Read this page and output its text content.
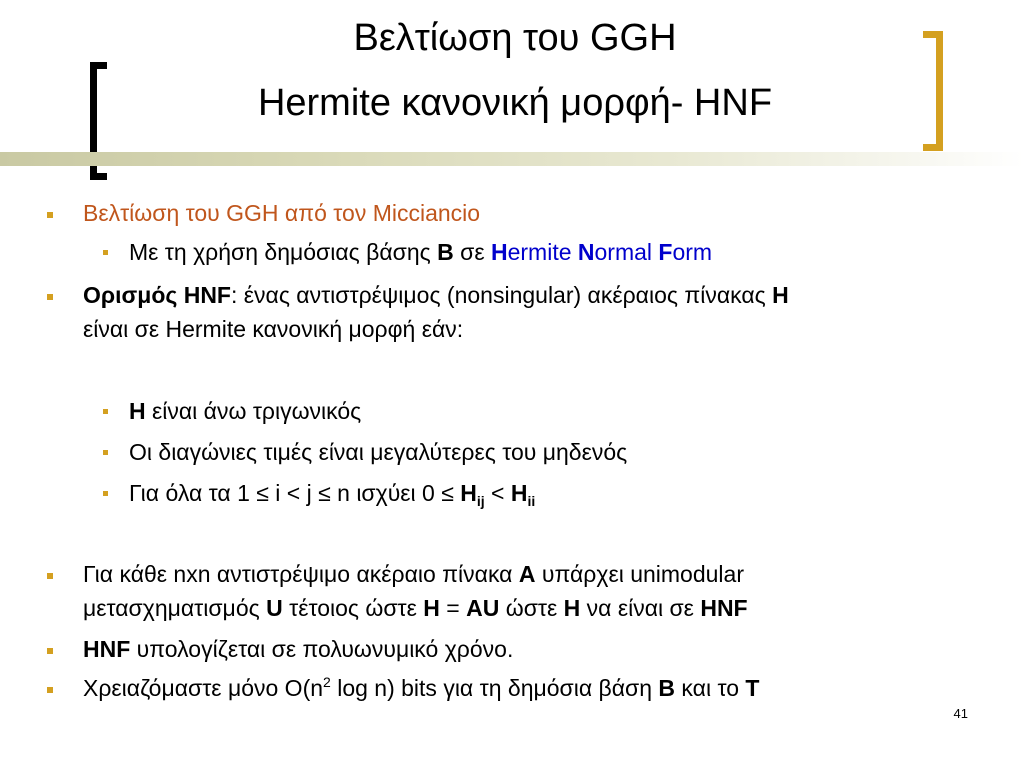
Βελτίωση του GGH
Hermite κανονική μορφή- HNF
Βελτίωση του GGH από τον Micciancio
Με τη χρήση δημόσιας βάσης B σε Hermite Normal Form
Ορισμός HNF: ένας αντιστρέψιμος (nonsingular) ακέραιος πίνακας H
είναι σε Hermite κανονική μορφή εάν:
H είναι άνω τριγωνικός
Οι διαγώνιες τιμές είναι μεγαλύτερες του μηδενός
Για όλα τα 1 ≤ i < j ≤ n ισχύει $0 \le H_{ij} < H_{ii}$
Για κάθε nxn αντιστρέψιμο ακέραιο πίνακα A υπάρχει unimodular
μετασχηματισμός U τέτοιος ώστε H = AU ώστε H να είναι σε HNF
HNF υπολογίζεται σε πολυωνυμικό χρόνο.
Χρειαζόμαστε μόνο $O(n^2$ log n) bits για τη δημόσια βάση B και το T
41
